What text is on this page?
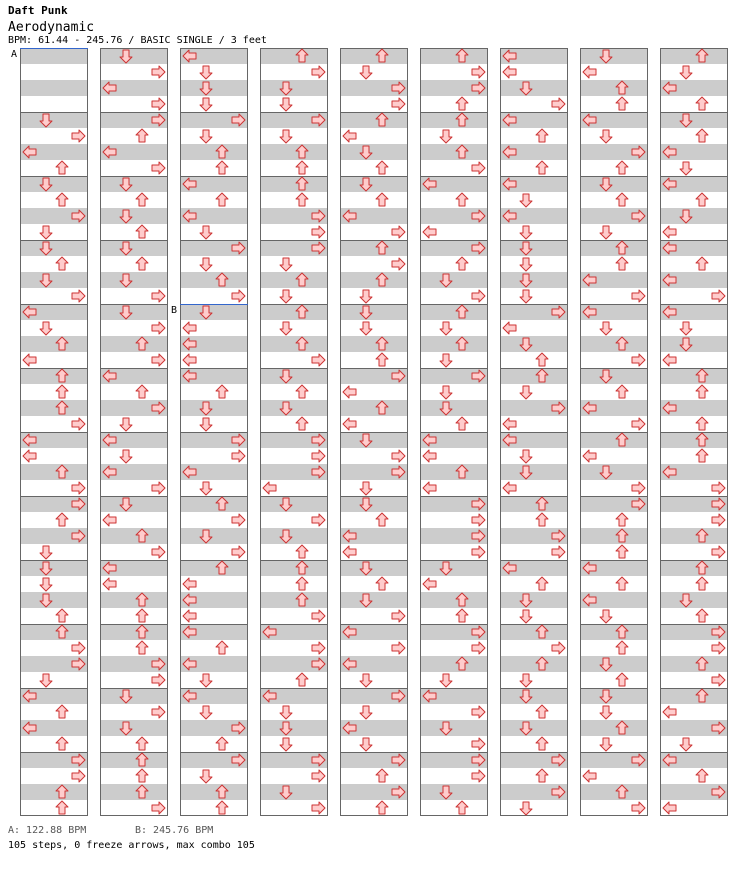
Daft Punk
Aerodynamic
BPM: 61.44 - 245.76 / BASIC SINGLE / 3 feet
A
B
A: 122.88 BPM	B: 245.76 BPM
105 steps, 0 freeze arrows, max combo 105
